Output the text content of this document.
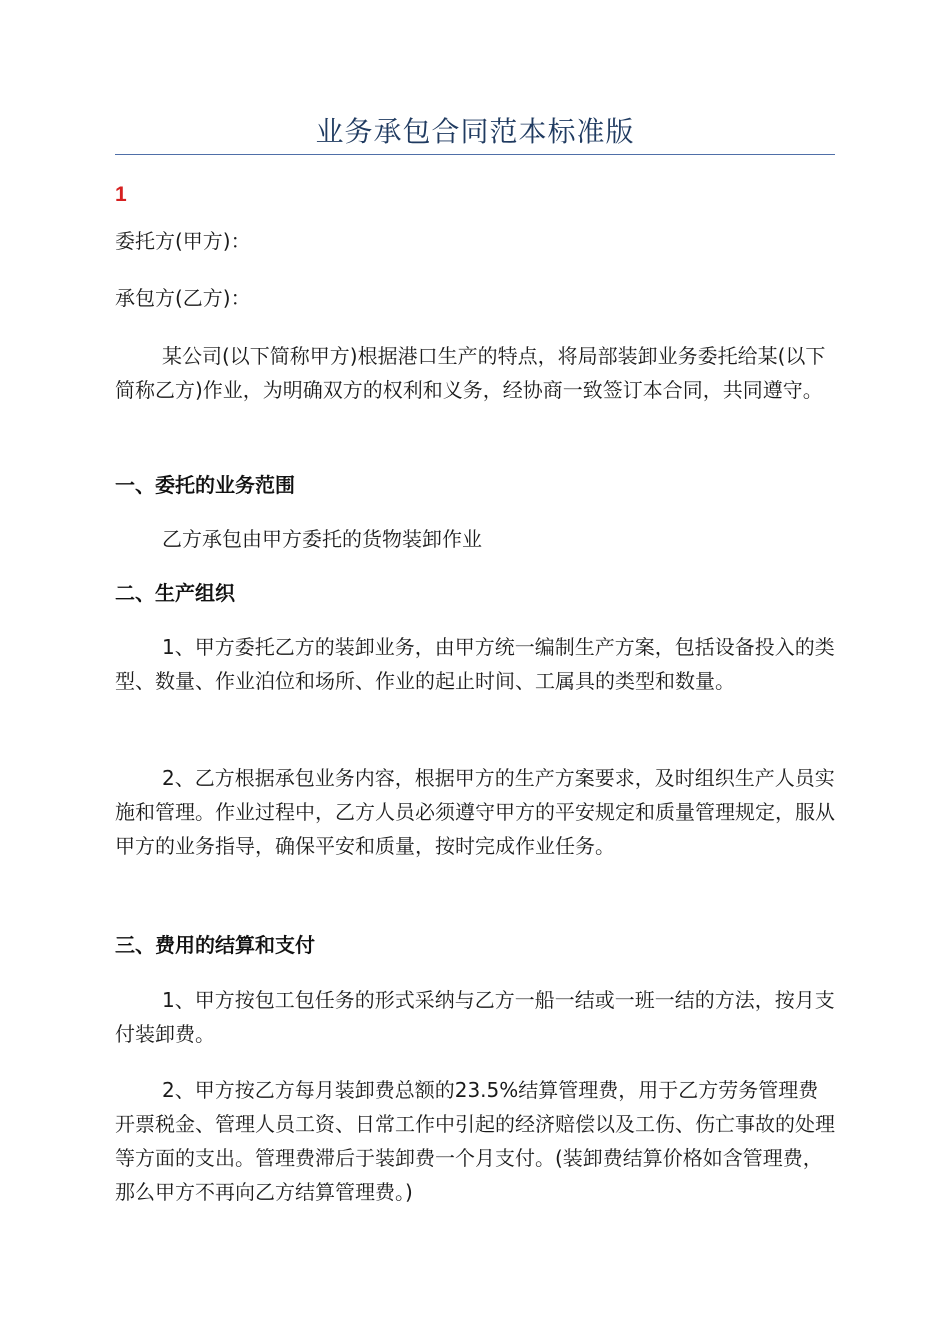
业务承包合同范本标准版
1

委托方(甲方)：

承包方(乙方)：

某公司(以下简称甲方)根据港口生产的特点，将局部装卸业务委托给某(以下简称乙方)作业，为明确双方的权利和义务，经协商一致签订本合同，共同遵守。

一、委托的业务范围

乙方承包由甲方委托的货物装卸作业

二、生产组织

1、甲方委托乙方的装卸业务，由甲方统一编制生产方案，包括设备投入的类型、数量、作业泊位和场所、作业的起止时间、工属具的类型和数量。

2、乙方根据承包业务内容，根据甲方的生产方案要求，及时组织生产人员实施和管理。作业过程中，乙方人员必须遵守甲方的平安规定和质量管理规定，服从甲方的业务指导，确保平安和质量，按时完成作业任务。

三、费用的结算和支付

1、甲方按包工包任务的形式采纳与乙方一船一结或一班一结的方法，按月支付装卸费。

2、甲方按乙方每月装卸费总额的23.5%结算管理费，用于乙方劳务管理费开票税金、管理人员工资、日常工作中引起的经济赔偿以及工伤、伤亡事故的处理等方面的支出。管理费滞后于装卸费一个月支付。(装卸费结算价格如含管理费，那么甲方不再向乙方结算管理费。)
